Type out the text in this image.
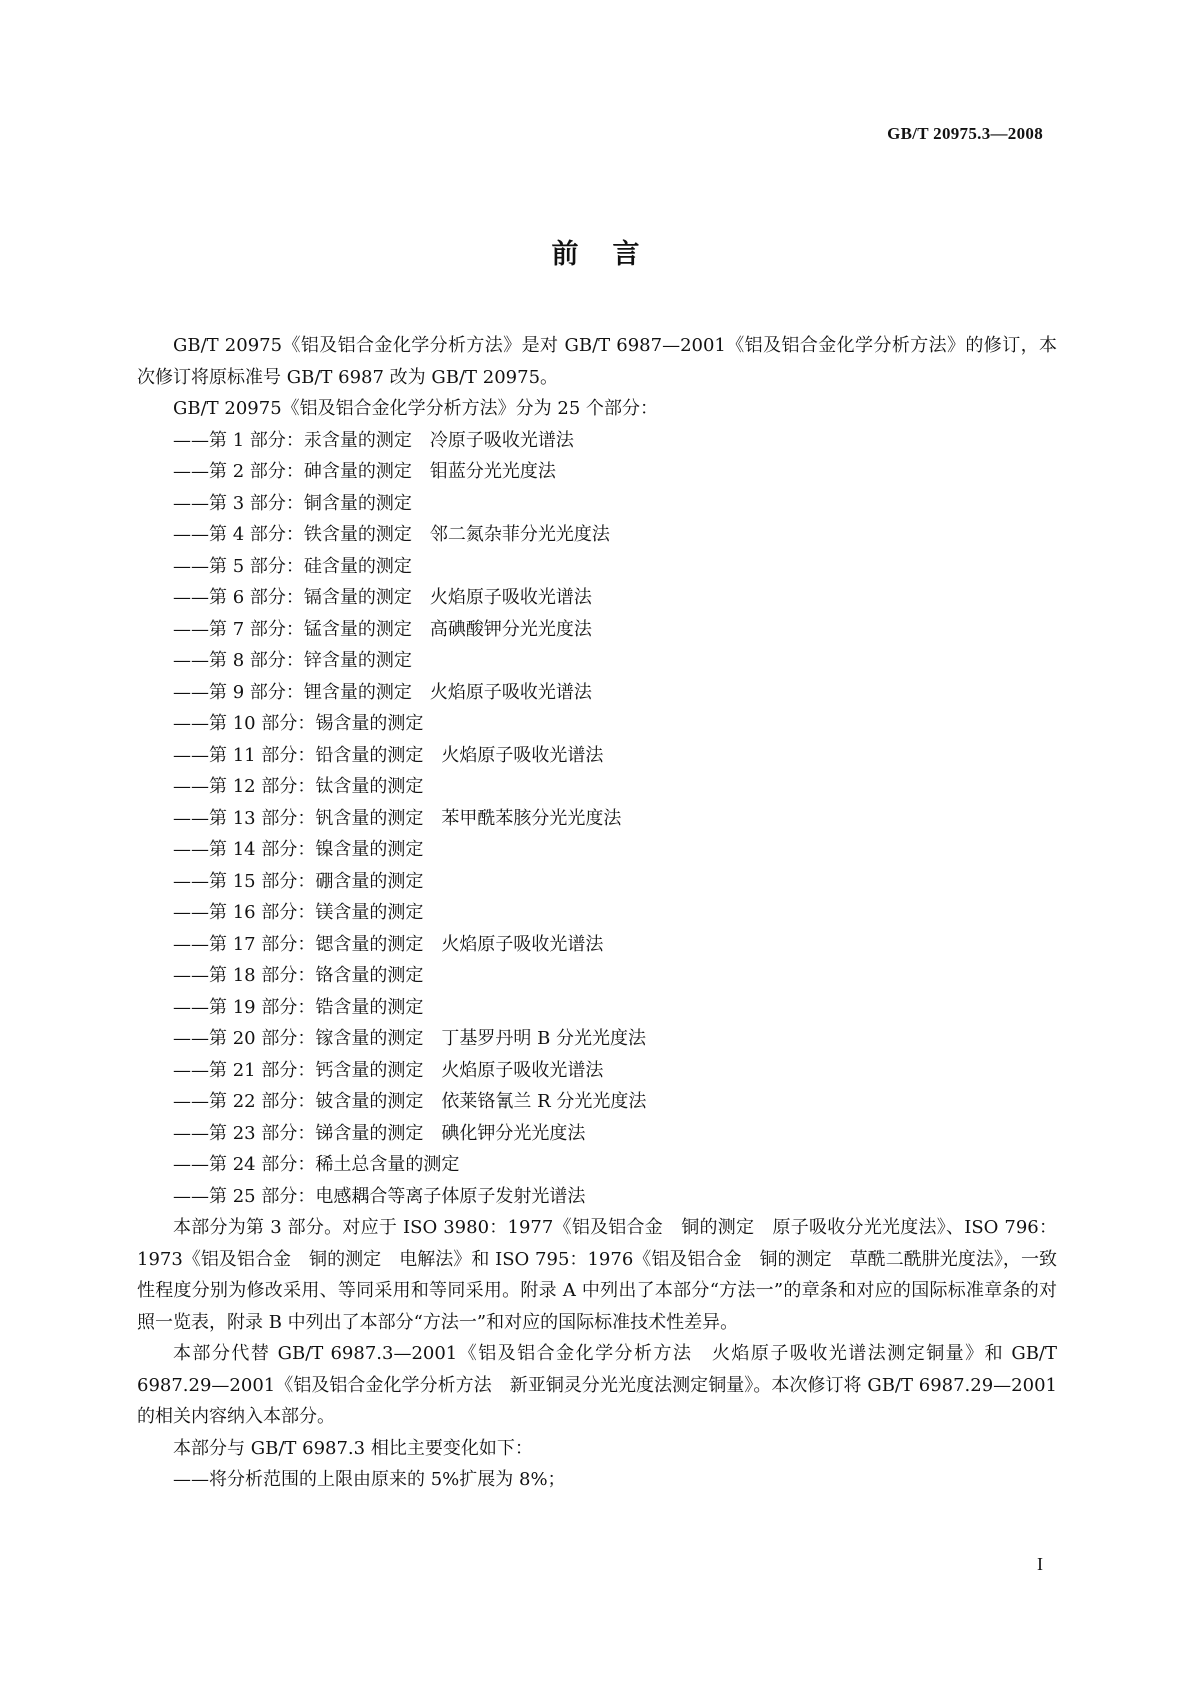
GB/T 20975.3—2008
前言

GB/T 20975《铝及铝合金化学分析方法》是对 GB/T 6987—2001《铝及铝合金化学分析方法》的修订，本次修订将原标准号 GB/T 6987 改为 GB/T 20975。

GB/T 20975《铝及铝合金化学分析方法》分为 25 个部分：

——第 1 部分：汞含量的测定　冷原子吸收光谱法

——第 2 部分：砷含量的测定　钼蓝分光光度法

——第 3 部分：铜含量的测定

——第 4 部分：铁含量的测定　邻二氮杂菲分光光度法

——第 5 部分：硅含量的测定

——第 6 部分：镉含量的测定　火焰原子吸收光谱法

——第 7 部分：锰含量的测定　高碘酸钾分光光度法

——第 8 部分：锌含量的测定

——第 9 部分：锂含量的测定　火焰原子吸收光谱法

——第 10 部分：锡含量的测定

——第 11 部分：铅含量的测定　火焰原子吸收光谱法

——第 12 部分：钛含量的测定

——第 13 部分：钒含量的测定　苯甲酰苯胲分光光度法

——第 14 部分：镍含量的测定

——第 15 部分：硼含量的测定

——第 16 部分：镁含量的测定

——第 17 部分：锶含量的测定　火焰原子吸收光谱法

——第 18 部分：铬含量的测定

——第 19 部分：锆含量的测定

——第 20 部分：镓含量的测定　丁基罗丹明 B 分光光度法

——第 21 部分：钙含量的测定　火焰原子吸收光谱法

——第 22 部分：铍含量的测定　依莱铬氰兰 R 分光光度法

——第 23 部分：锑含量的测定　碘化钾分光光度法

——第 24 部分：稀土总含量的测定

——第 25 部分：电感耦合等离子体原子发射光谱法

本部分为第 3 部分。对应于 ISO 3980：1977《铝及铝合金　铜的测定　原子吸收分光光度法》、ISO 796：1973《铝及铝合金　铜的测定　电解法》和 ISO 795：1976《铝及铝合金　铜的测定　草酰二酰肼光度法》，一致性程度分别为修改采用、等同采用和等同采用。附录 A 中列出了本部分“方法一”的章条和对应的国际标准章条的对照一览表，附录 B 中列出了本部分“方法一”和对应的国际标准技术性差异。

本部分代替 GB/T 6987.3—2001《铝及铝合金化学分析方法　火焰原子吸收光谱法测定铜量》和 GB/T 6987.29—2001《铝及铝合金化学分析方法　新亚铜灵分光光度法测定铜量》。本次修订将 GB/T 6987.29—2001 的相关内容纳入本部分。

本部分与 GB/T 6987.3 相比主要变化如下：

——将分析范围的上限由原来的 5%扩展为 8%；

I
